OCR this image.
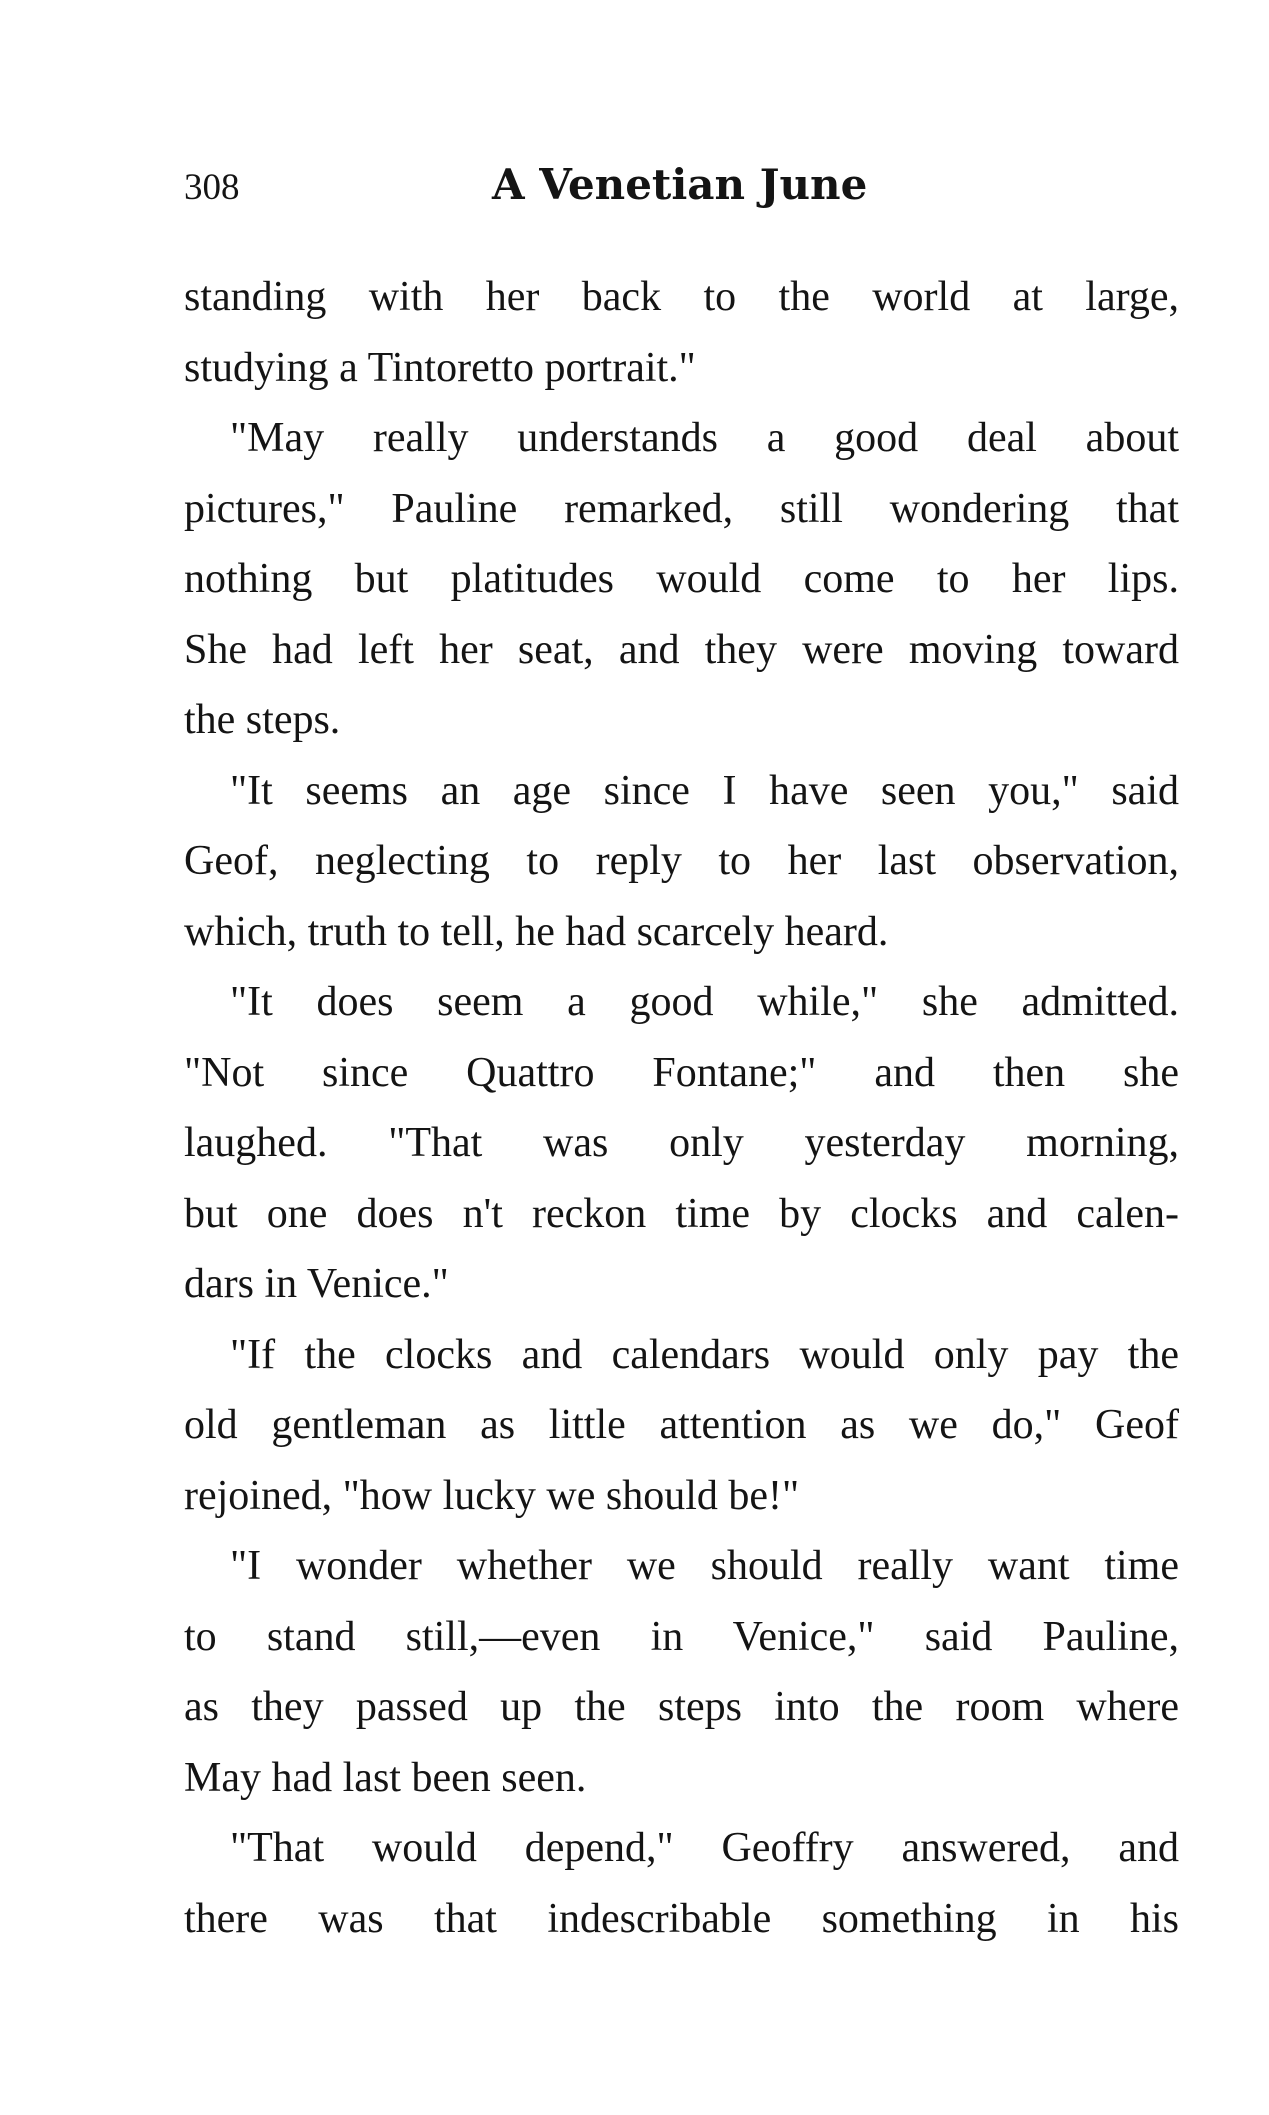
308	A Venetian June
standing with her back to the world at large,
studying a Tintoretto portrait."
"May really understands a good deal about
pictures," Pauline remarked, still wondering that
nothing but platitudes would come to her lips.
She had left her seat, and they were moving toward
the steps.
"It seems an age since I have seen you," said
Geof, neglecting to reply to her last observation,
which, truth to tell, he had scarcely heard.
"It does seem a good while," she admitted.
"Not since Quattro Fontane;" and then she
laughed. "That was only yesterday morning,
but one does n't reckon time by clocks and calen-
dars in Venice."
"If the clocks and calendars would only pay the
old gentleman as little attention as we do," Geof
rejoined, "how lucky we should be!"
"I wonder whether we should really want time
to stand still,—even in Venice," said Pauline,
as they passed up the steps into the room where
May had last been seen.
"That would depend," Geoffry answered, and
there was that indescribable something in his
